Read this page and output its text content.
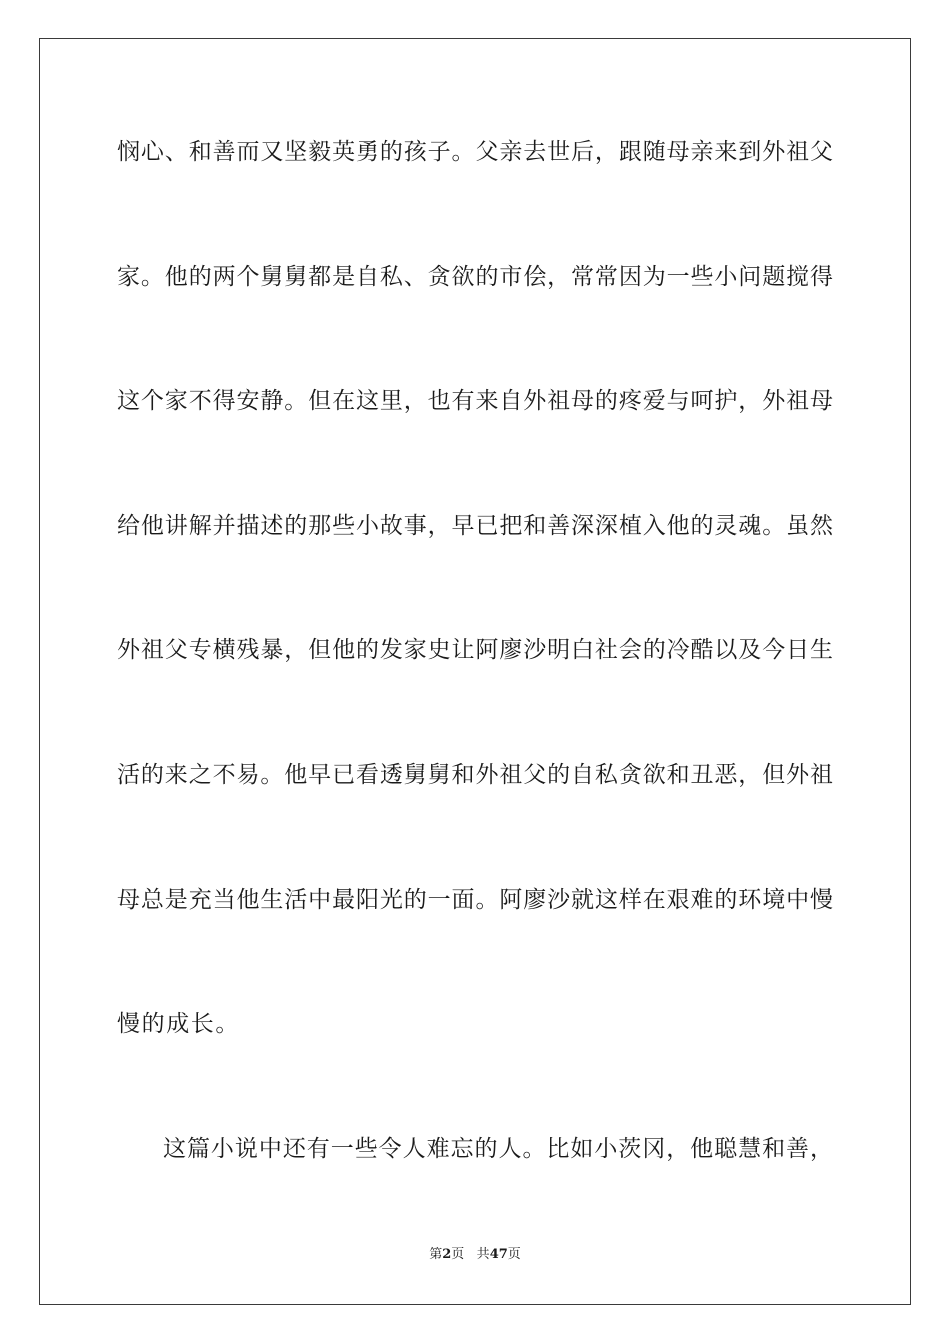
悯心、和善而又坚毅英勇的孩子。父亲去世后，跟随母亲来到外祖父
家。他的两个舅舅都是自私、贪欲的市侩，常常因为一些小问题搅得
这个家不得安静。但在这里，也有来自外祖母的疼爱与呵护，外祖母
给他讲解并描述的那些小故事，早已把和善深深植入他的灵魂。虽然
外祖父专横残暴，但他的发家史让阿廖沙明白社会的冷酷以及今日生
活的来之不易。他早已看透舅舅和外祖父的自私贪欲和丑恶，但外祖
母总是充当他生活中最阳光的一面。阿廖沙就这样在艰难的环境中慢
慢的成长。
这篇小说中还有一些令人难忘的人。比如小茨冈，他聪慧和善，
第2页 共47页
